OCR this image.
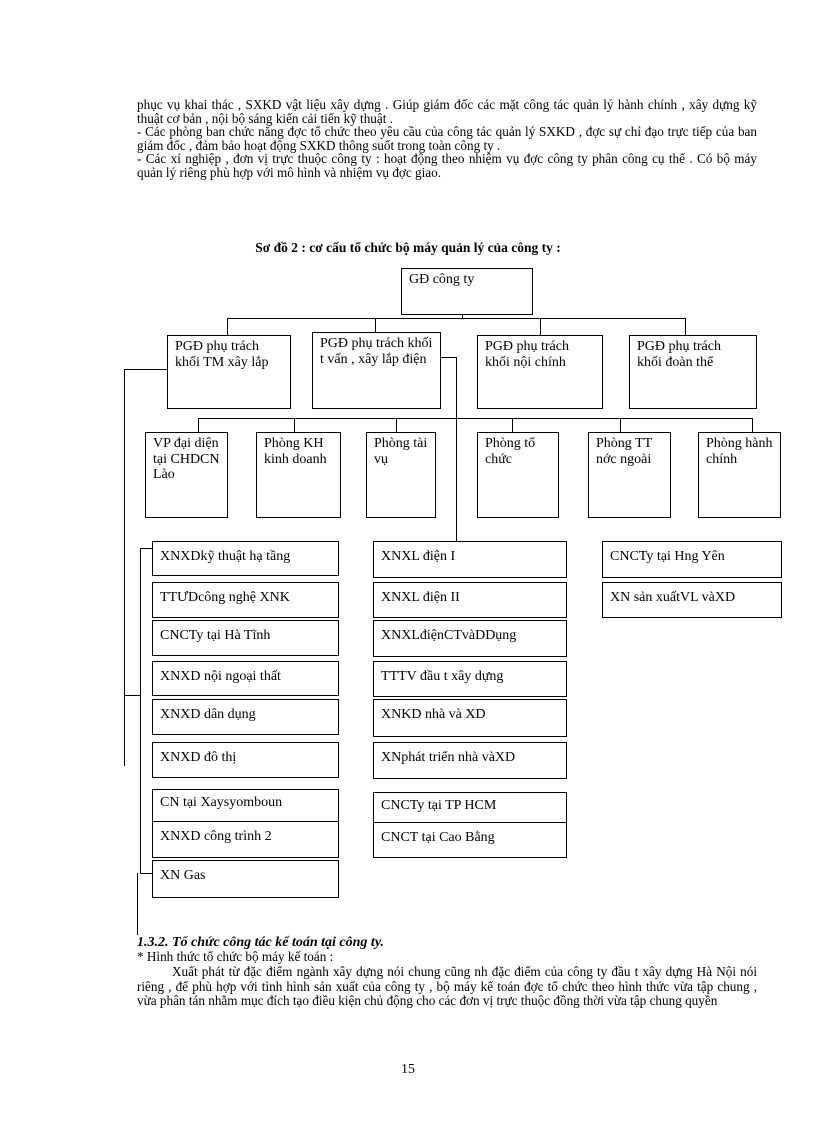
phục vụ khai thác , SXKD vật liệu xây dựng . Giúp giám đốc các mặt công tác quản lý hành chính , xây dựng kỹ thuật cơ bản , nội bộ sáng kiến cải tiến kỹ thuật .

- Các phòng ban chức năng đợc tổ chức theo yêu cầu của công tác quản lý SXKD , đợc sự chỉ đạo trực tiếp của ban giám đốc , đảm bảo hoạt động SXKD thông suốt trong toàn công ty .

- Các xí nghiệp , đơn vị trực thuộc công ty : hoạt động theo nhiệm vụ đợc công ty phân công cụ thể . Có bộ máy quản lý riêng phù hợp với mô hình và nhiệm vụ đợc giao.

Sơ đồ 2 : cơ cấu tổ chức bộ máy quản lý của công ty :
GĐ công ty
PGĐ phụ trách khối TM xây lắp
PGĐ phụ trách khối t vấn , xây lắp điện
PGĐ phụ trách khối nội chính
PGĐ phụ trách khối đoàn thể
VP đại diện tại CHDCN Lào
Phòng KH kinh doanh
Phòng tài vụ
Phòng tổ chức
Phòng TT nớc ngoài
Phòng hành chính
XNXDkỹ thuật hạ tầng
TTƯDcông nghệ XNK
CNCTy tại Hà Tĩnh
XNXD nội ngoại thất
XNXD dân dụng
XNXD đô thị
CN tại Xaysyomboun
XNXD công trình 2
XN Gas
XNXL điện I
XNXL điện II
XNXLđiệnCTvàDDụng
TTTV đầu t xây dựng
XNKD nhà và XD
XNphát triển nhà vàXD
CNCTy tại TP HCM
CNCT tại Cao Bằng
CNCTy tại Hng Yên
XN sản xuấtVL vàXD
1.3.2. Tổ chức công tác kế toán tại công ty.
* Hình thức tổ chức bộ máy kế toán :
Xuất phát từ đặc điểm ngành xây dựng nói chung cũng nh đặc điểm của công ty đầu t xây dựng Hà Nội nói riêng , để phù hợp với tình hình sản xuất của công ty , bộ máy kế toán đợc tổ chức theo hình thức vừa tập chung , vừa phân tán nhằm mục đích tạo điều kiện chủ động cho các đơn vị trực thuộc đồng thời vừa tập chung quyền
15
